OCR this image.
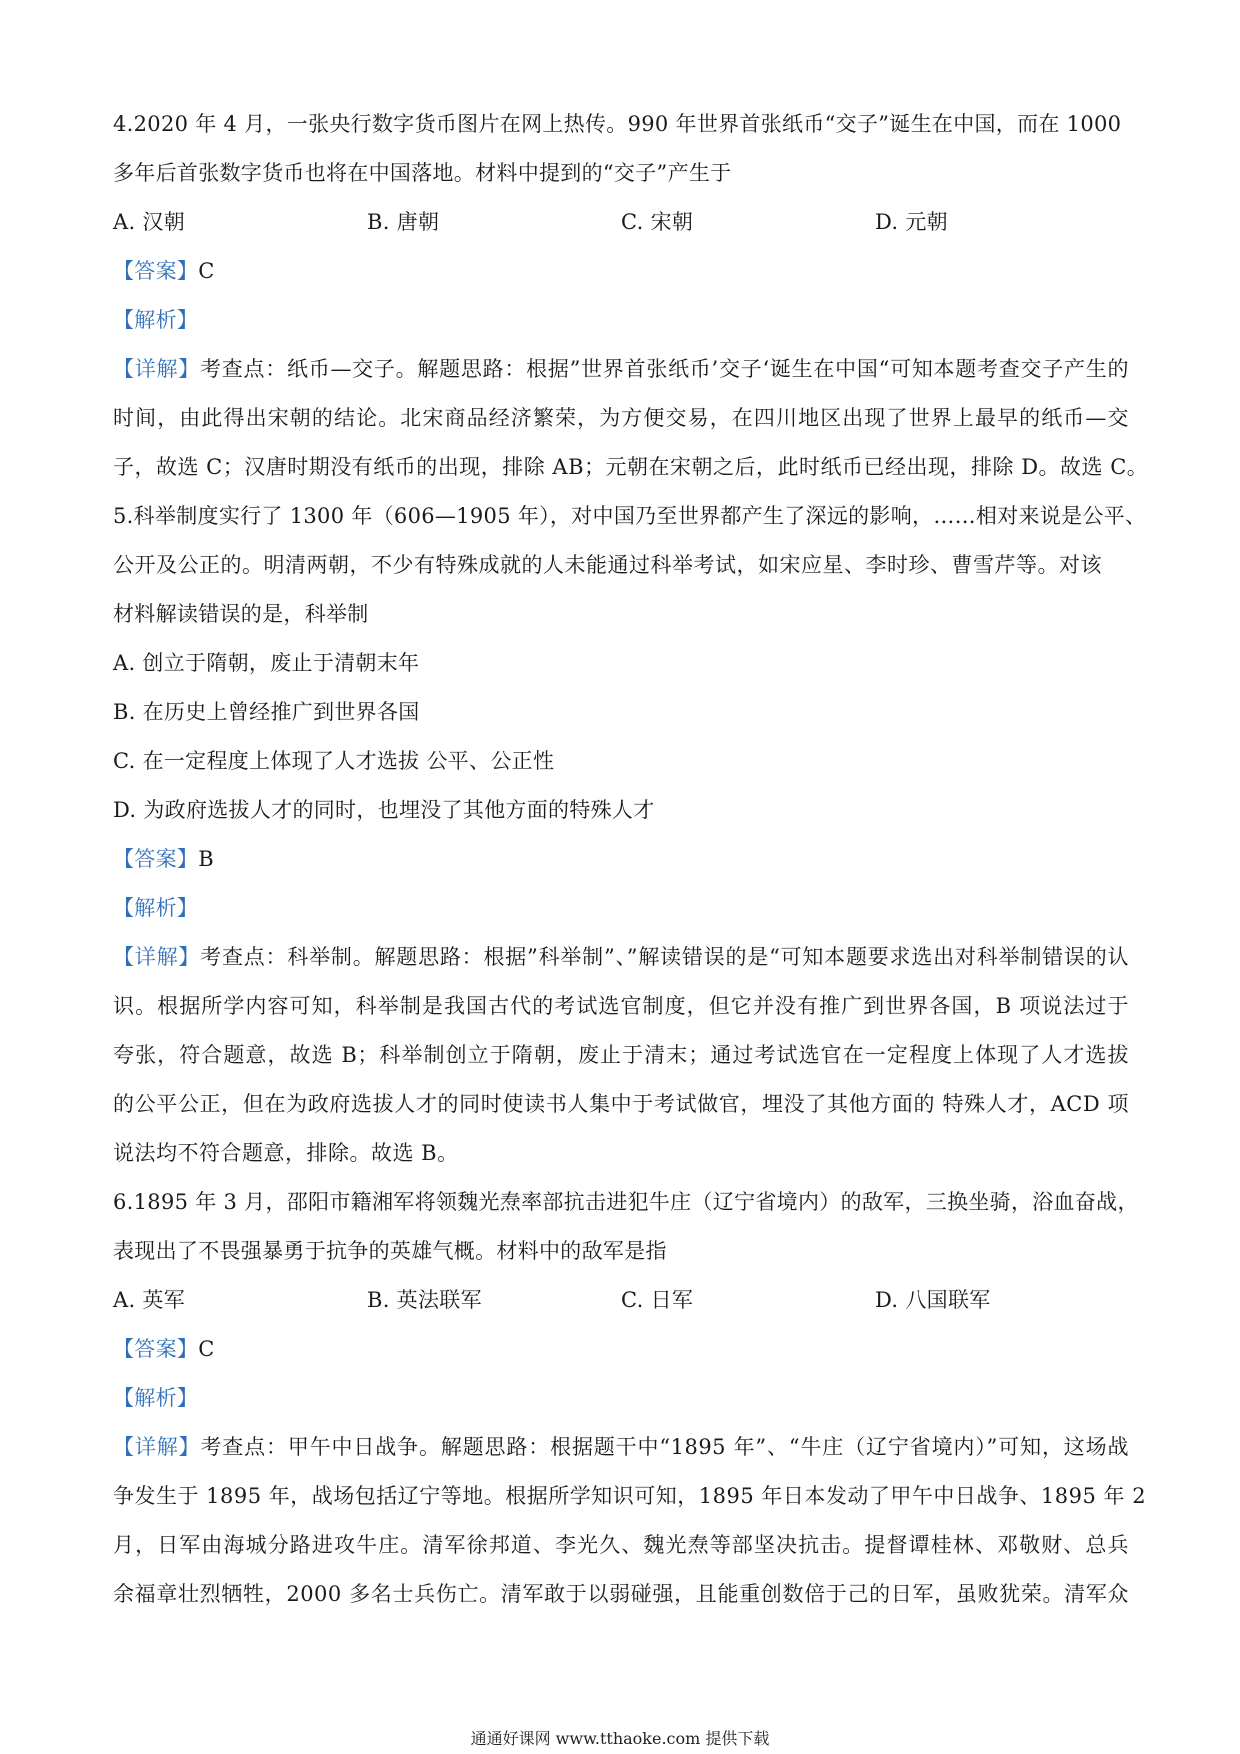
4.2020 年 4 月，一张央行数字货币图片在网上热传。990 年世界首张纸币“交子”诞生在中国，而在 1000
多年后首张数字货币也将在中国落地。材料中提到的“交子”产生于
A. 汉朝	B. 唐朝	C. 宋朝	D. 元朝
【答案】C
【解析】
【详解】考查点：纸币—交子。解题思路：根据”世界首张纸币’交子‘诞生在中国“可知本题考查交子产生的
时间，由此得出宋朝的结论。北宋商品经济繁荣，为方便交易，在四川地区出现了世界上最早的纸币—交
子，故选 C；汉唐时期没有纸币的出现，排除 AB；元朝在宋朝之后，此时纸币已经出现，排除 D。故选 C。
5.科举制度实行了 1300 年（606—1905 年），对中国乃至世界都产生了深远的影响，……相对来说是公平、
公开及公正的。明清两朝，不少有特殊成就的人未能通过科举考试，如宋应星、李时珍、曹雪芹等。对该
材料解读错误的是，科举制
A. 创立于隋朝，废止于清朝末年
B. 在历史上曾经推广到世界各国
C. 在一定程度上体现了人才选拔 公平、公正性
D. 为政府选拔人才的同时，也埋没了其他方面的特殊人才
【答案】B
【解析】
【详解】考查点：科举制。解题思路：根据”科举制”、”解读错误的是“可知本题要求选出对科举制错误的认
识。根据所学内容可知，科举制是我国古代的考试选官制度，但它并没有推广到世界各国，B 项说法过于
夸张，符合题意，故选 B；科举制创立于隋朝，废止于清末；通过考试选官在一定程度上体现了人才选拔
的公平公正，但在为政府选拔人才的同时使读书人集中于考试做官，埋没了其他方面的 特殊人才，ACD 项
说法均不符合题意，排除。故选 B。
6.1895 年 3 月，邵阳市籍湘军将领魏光焘率部抗击进犯牛庄（辽宁省境内）的敌军，三换坐骑，浴血奋战，
表现出了不畏强暴勇于抗争的英雄气概。材料中的敌军是指
A. 英军	B. 英法联军	C. 日军	D. 八国联军
【答案】C
【解析】
【详解】考查点：甲午中日战争。解题思路：根据题干中“1895 年”、“牛庄（辽宁省境内）”可知，这场战
争发生于 1895 年，战场包括辽宁等地。根据所学知识可知，1895 年日本发动了甲午中日战争、1895 年 2
月，日军由海城分路进攻牛庄。清军徐邦道、李光久、魏光焘等部坚决抗击。提督谭桂林、邓敬财、总兵
余福章壮烈牺牲，2000 多名士兵伤亡。清军敢于以弱碰强，且能重创数倍于己的日军，虽败犹荣。清军众
通通好课网 www.tthaoke.com 提供下载
